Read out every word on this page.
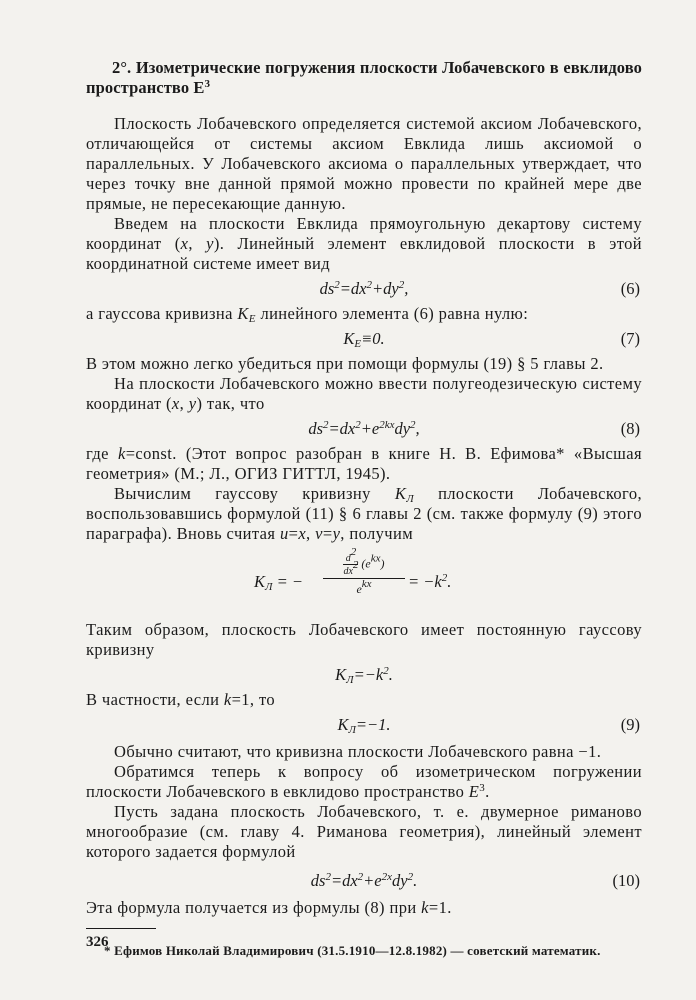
2°. Изометрические погружения плоскости Лобачевского в евклидово пространство $E^3$

Плоскость Лобачевского определяется системой аксиом Лобачевского, отличающейся от системы аксиом Евклида лишь аксиомой о параллельных. У Лобачевского аксиома о параллельных утверждает, что через точку вне данной прямой можно провести по крайней мере две прямые, не пересекающие данную.

Введем на плоскости Евклида прямоугольную декартову систему координат (x, y). Линейный элемент евклидовой плоскости в этой координатной системе имеет вид

$ds^2=dx^2+dy^2$,	(6)

а гауссова кривизна $K_E$ линейного элемента (6) равна нулю:

$K_E\equiv 0$.	(7)

В этом можно легко убедиться при помощи формулы (19) § 5 главы 2.

На плоскости Лобачевского можно ввести полугеодезическую систему координат (x, y) так, что

$ds^2=dx^2+e^{2kx}dy^2$,	(8)

где k=const. (Этот вопрос разобран в книге Н. В. Ефимова* «Высшая геометрия» (М.; Л., ОГИЗ ГИТТЛ, 1945).

Вычислим гауссову кривизну $K_Л$ плоскости Лобачевского, воспользовавшись формулой (11) § 6 главы 2 (см. также формулу (9) этого параграфа). Вновь считая u=x, v=y, получим

$K_Л$ = −
$\frac{d^2}{dx^2} (e^{kx})$
$e^{kx}$	= $-k^2$.

Таким образом, плоскость Лобачевского имеет постоянную гауссову кривизну

$K_Л=-k^2$.

В частности, если k=1, то

$K_Л=-1$.	(9)

Обычно считают, что кривизна плоскости Лобачевского равна −1.

Обратимся теперь к вопросу об изометрическом погружении плоскости Лобачевского в евклидово пространство $E^3$.

Пусть задана плоскость Лобачевского, т. е. двумерное риманово многообразие (см. главу 4. Риманова геометрия), линейный элемент которого задается формулой

$ds^2=dx^2+e^{2x}dy^2$.	(10)

Эта формула получается из формулы (8) при k=1.

* Ефимов Николай Владимирович (31.5.1910—12.8.1982) — советский математик.

326
